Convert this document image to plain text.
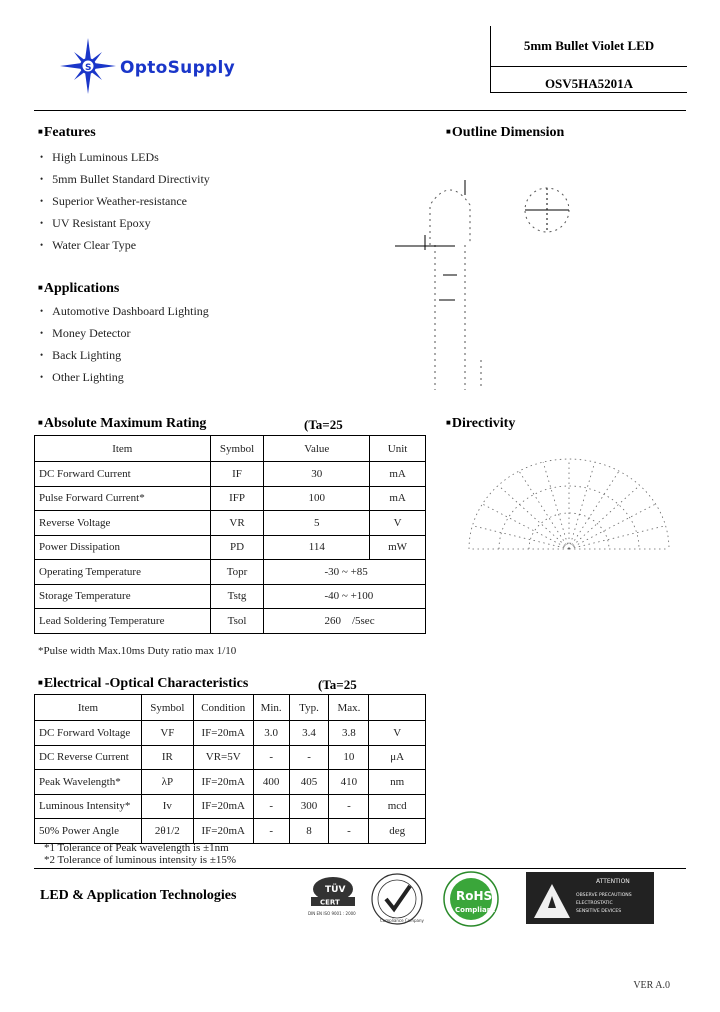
S OptoSupply
5mm Bullet Violet LED
OSV5HA5201A
■ Features
• High Luminous LEDs
• 5mm Bullet Standard Directivity
• Superior Weather-resistance
• UV Resistant Epoxy
• Water Clear Type
■ Applications
• Automotive Dashboard Lighting
• Money Detector
• Back Lighting
• Other Lighting
■ Outline Dimension
■ Absolute Maximum Rating	(Ta=25
Item	Symbol	Value	Unit
DC Forward Current	IF	30	mA
Pulse Forward Current*	IFP	100	mA
Reverse Voltage	VR	5	V
Power Dissipation	PD	114	mW
Operating Temperature	Topr	-30 ~ +85	
Storage Temperature	Tstg	-40 ~ +100	
Lead Soldering Temperature	Tsol	260    /5sec	
*Pulse width Max.10ms Duty ratio max 1/10
■ Directivity
■ Electrical -Optical Characteristics	(Ta=25
Item	Symbol	Condition	Min.	Typ.	Max.	
DC Forward Voltage	VF	IF=20mA	3.0	3.4	3.8	V
DC Reverse Current	IR	VR=5V	-	-	10	μA
Peak Wavelength*	λP	IF=20mA	400	405	410	nm
Luminous Intensity*	Iv	IF=20mA	-	300	-	mcd
50% Power Angle	2θ1/2	IF=20mA	-	8	-	deg
*1 Tolerance of Peak wavelength is ±1nm
*2 Tolerance of luminous intensity is ±15%
LED & Application Technologies	TÜV
CERT
DIN EN ISO 9001 : 2000
Compliance Company
RoHS
Compliant
ATTENTION
OBSERVE PRECAUTIONS
ELECTROSTATIC
SENSITIVE DEVICES
VER A.0
